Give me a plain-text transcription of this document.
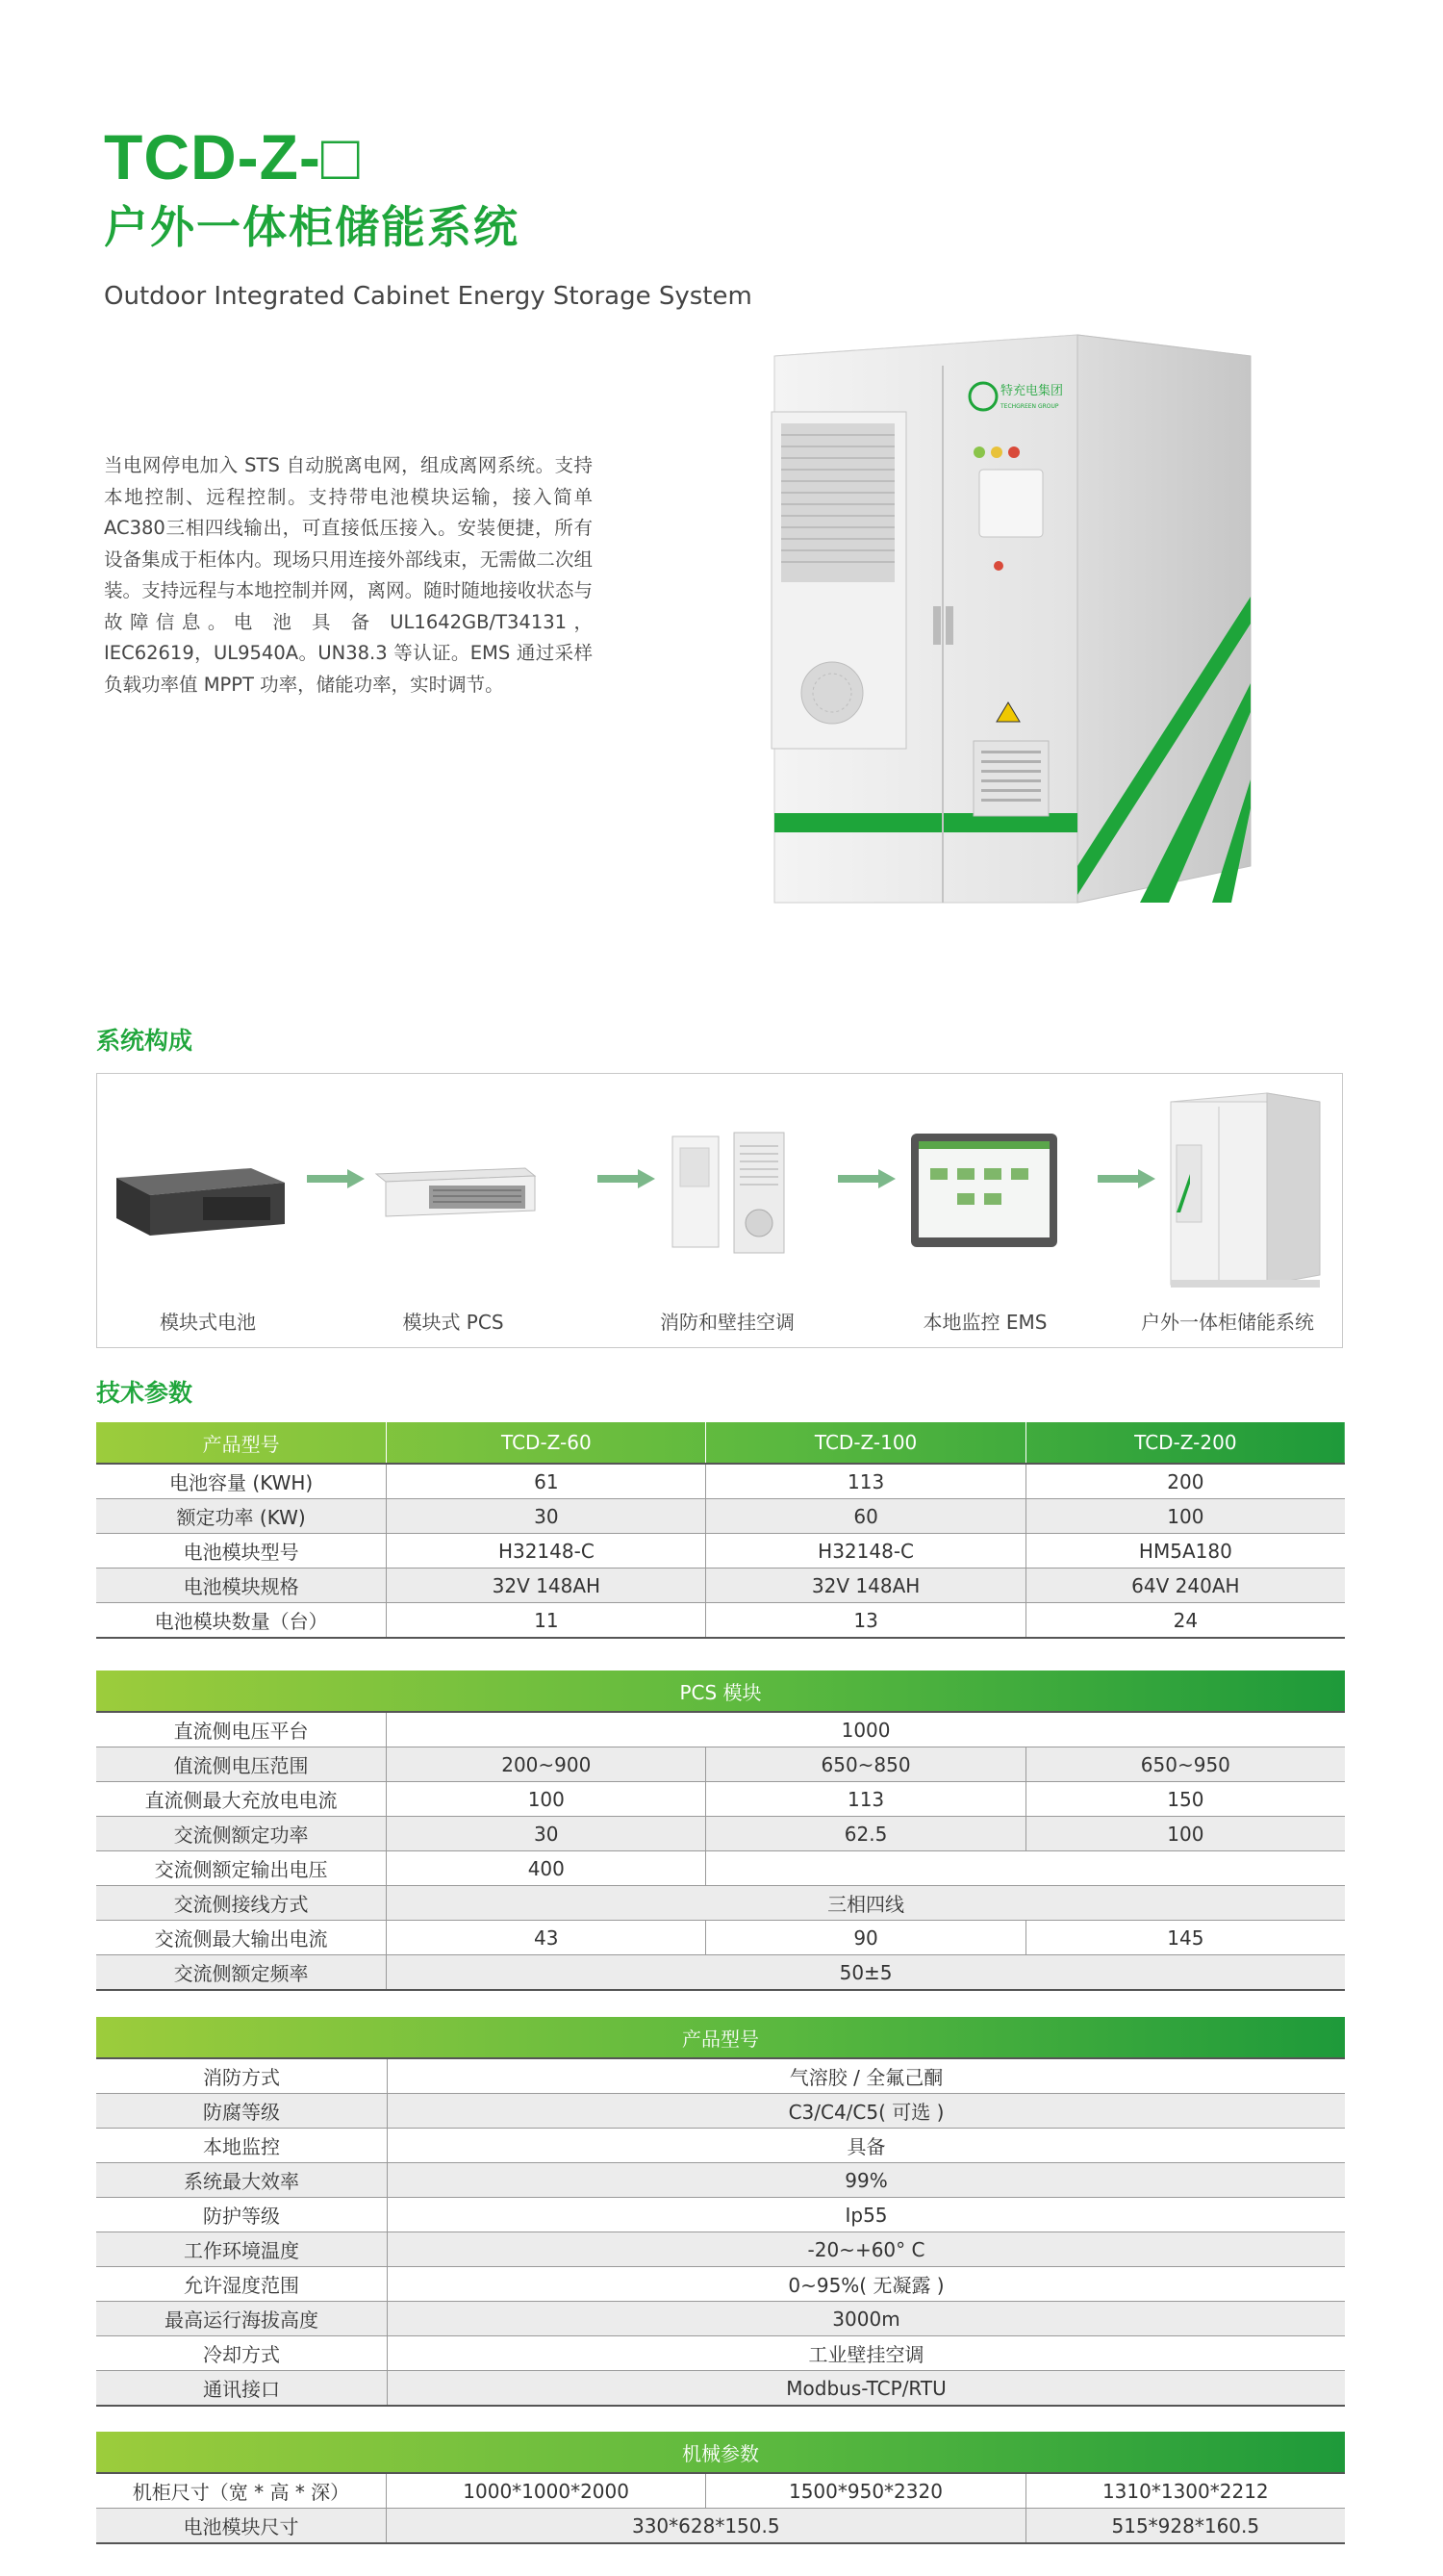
TCD-Z-□
户外一体柜储能系统
Outdoor Integrated Cabinet Energy Storage System
当电网停电加入 STS 自动脱离电网，组成离网系统。支持本地控制、远程控制。支持带电池模块运输，接入简单 AC380三相四线输出，可直接低压接入。安装便捷，所有设备集成于柜体内。现场只用连接外部线束，无需做二次组装。支持远程与本地控制并网，离网。随时随地接收状态与故障信息。电 池 具 备 UL1642GB/T34131，IEC62619，UL9540A。UN38.3 等认证。EMS 通过采样负载功率值 MPPT 功率，储能功率，实时调节。
特充电集团
TECHGREEN GROUP
系统构成
模块式电池	模块式 PCS	消防和壁挂空调	本地监控 EMS	户外一体柜储能系统
技术参数
产品型号	TCD-Z-60	TCD-Z-100	TCD-Z-200
电池容量 (KWH)	61	113	200
额定功率 (KW)	30	60	100
电池模块型号	H32148-C	H32148-C	HM5A180
电池模块规格	32V 148AH	32V 148AH	64V 240AH
电池模块数量（台）	11	13	24
PCS 模块			
直流侧电压平台	1000		
值流侧电压范围	200~900	650~850	650~950
直流侧最大充放电电流	100	113	150
交流侧额定功率	30	62.5	100
交流侧额定输出电压	400		
交流侧接线方式	三相四线		
交流侧最大输出电流	43	90	145
交流侧额定频率	50±5		
产品型号	
消防方式	气溶胶 / 全氟己酮
防腐等级	C3/C4/C5( 可选 )
本地监控	具备
系统最大效率	99%
防护等级	Ip55
工作环境温度	-20~+60° C
允许湿度范围	0~95%( 无凝露 )
最高运行海拔高度	3000m
冷却方式	工业壁挂空调
通讯接口	Modbus-TCP/RTU
机械参数			
机柜尺寸（宽 * 高 * 深）	1000*1000*2000	1500*950*2320	1310*1300*2212
电池模块尺寸	330*628*150.5		515*928*160.5
